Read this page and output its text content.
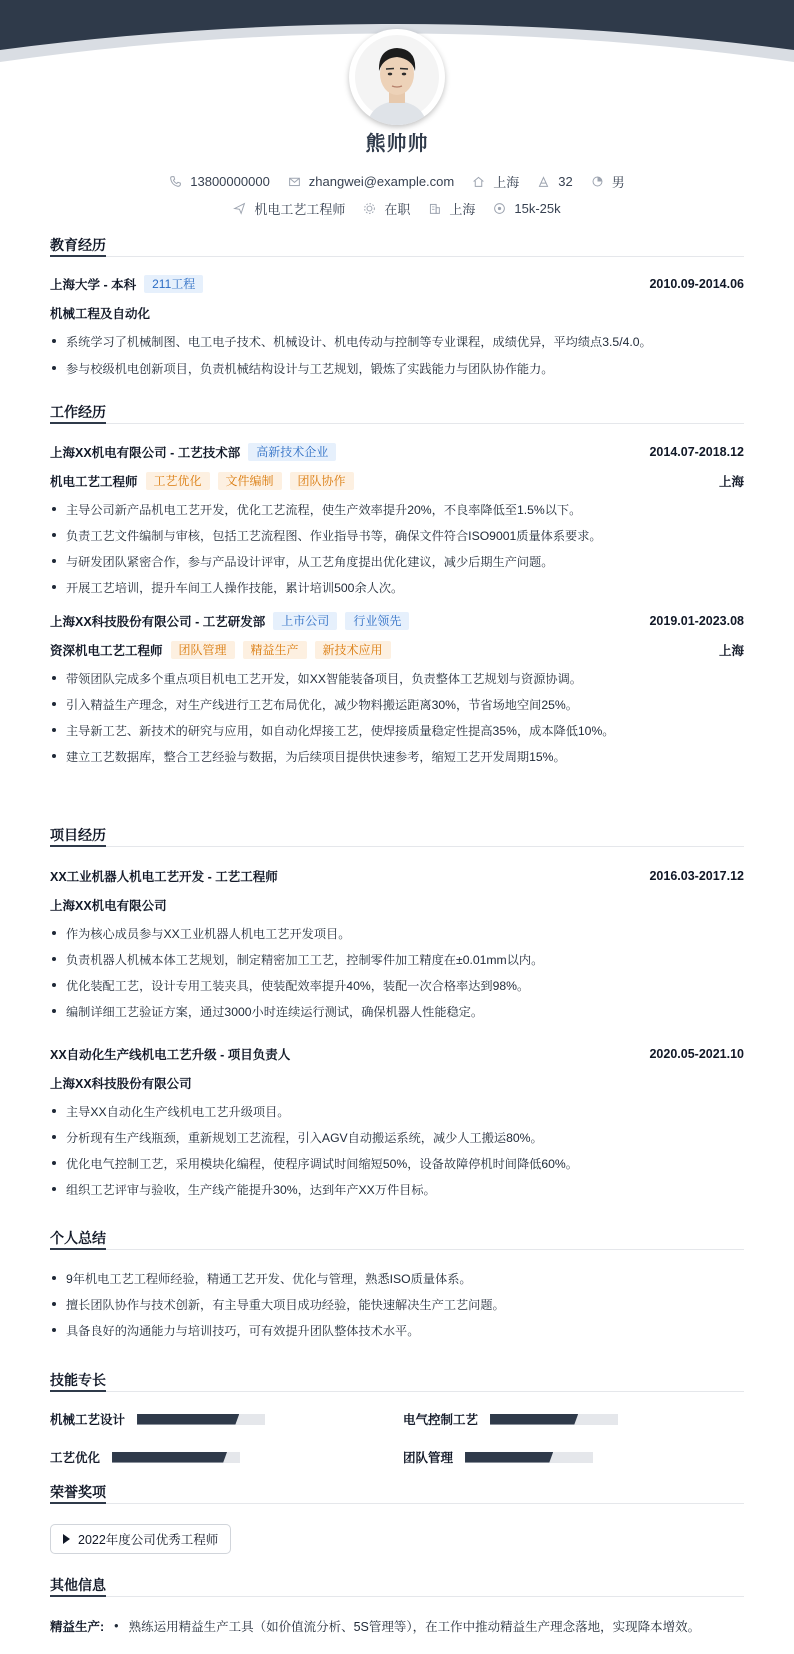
熊帅帅
13800000000	zhangwei@example.com	上海	32	男
机电工艺工程师	在职	上海	15k-25k
教育经历
上海大学 - 本科	211工程	2010.09-2014.06
机械工程及自动化
系统学习了机械制图、电工电子技术、机械设计、机电传动与控制等专业课程，成绩优异，平均绩点3.5/4.0。
参与校级机电创新项目，负责机械结构设计与工艺规划，锻炼了实践能力与团队协作能力。
工作经历
上海XX机电有限公司 - 工艺技术部	高新技术企业	2014.07-2018.12
机电工艺工程师	工艺优化	文件编制	团队协作	上海
主导公司新产品机电工艺开发，优化工艺流程，使生产效率提升20%，不良率降低至1.5%以下。
负责工艺文件编制与审核，包括工艺流程图、作业指导书等，确保文件符合ISO9001质量体系要求。
与研发团队紧密合作，参与产品设计评审，从工艺角度提出优化建议，减少后期生产问题。
开展工艺培训，提升车间工人操作技能，累计培训500余人次。
上海XX科技股份有限公司 - 工艺研发部	上市公司	行业领先	2019.01-2023.08
资深机电工艺工程师	团队管理	精益生产	新技术应用	上海
带领团队完成多个重点项目机电工艺开发，如XX智能装备项目，负责整体工艺规划与资源协调。
引入精益生产理念，对生产线进行工艺布局优化，减少物料搬运距离30%，节省场地空间25%。
主导新工艺、新技术的研究与应用，如自动化焊接工艺，使焊接质量稳定性提高35%，成本降低10%。
建立工艺数据库，整合工艺经验与数据，为后续项目提供快速参考，缩短工艺开发周期15%。
项目经历
XX工业机器人机电工艺开发 - 工艺工程师	2016.03-2017.12
上海XX机电有限公司
作为核心成员参与XX工业机器人机电工艺开发项目。
负责机器人机械本体工艺规划，制定精密加工工艺，控制零件加工精度在±0.01mm以内。
优化装配工艺，设计专用工装夹具，使装配效率提升40%，装配一次合格率达到98%。
编制详细工艺验证方案，通过3000小时连续运行测试，确保机器人性能稳定。
XX自动化生产线机电工艺升级 - 项目负责人	2020.05-2021.10
上海XX科技股份有限公司
主导XX自动化生产线机电工艺升级项目。
分析现有生产线瓶颈，重新规划工艺流程，引入AGV自动搬运系统，减少人工搬运80%。
优化电气控制工艺，采用模块化编程，使程序调试时间缩短50%，设备故障停机时间降低60%。
组织工艺评审与验收，生产线产能提升30%，达到年产XX万件目标。
个人总结
9年机电工艺工程师经验，精通工艺开发、优化与管理，熟悉ISO质量体系。
擅长团队协作与技术创新，有主导重大项目成功经验，能快速解决生产工艺问题。
具备良好的沟通能力与培训技巧，可有效提升团队整体技术水平。
技能专长
机械工艺设计	电气控制工艺
工艺优化	团队管理
荣誉奖项
2022年度公司优秀工程师
其他信息
精益生产: • 熟练运用精益生产工具（如价值流分析、5S管理等），在工作中推动精益生产理念落地，实现降本增效。
